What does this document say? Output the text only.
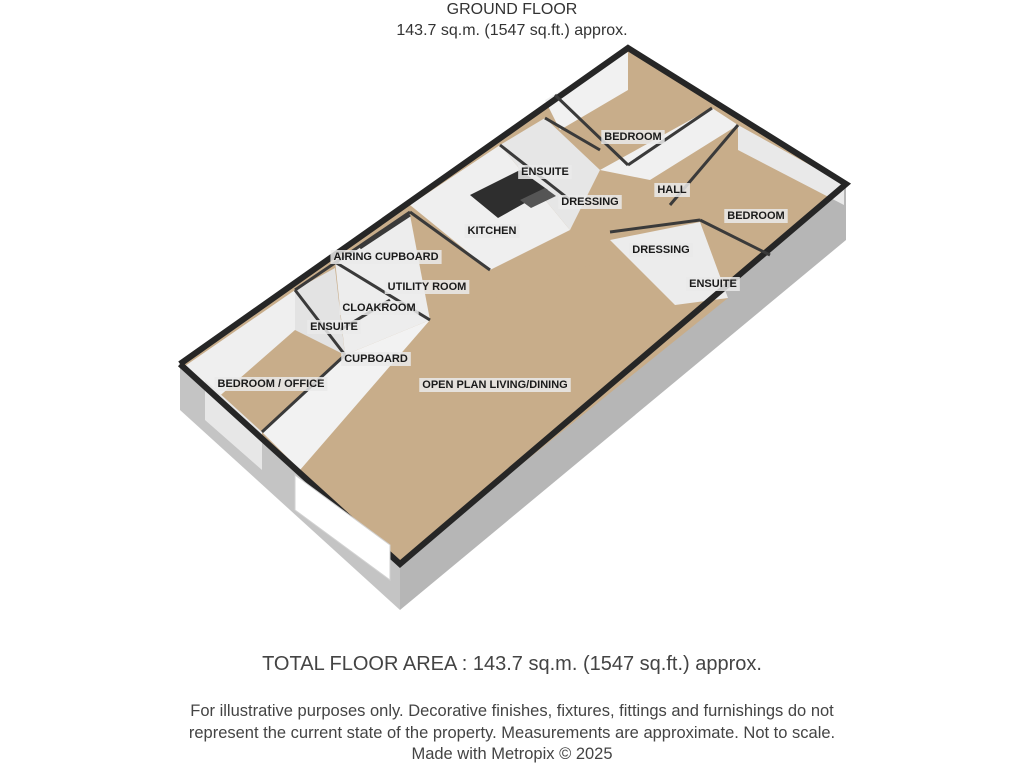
GROUND FLOOR
143.7 sq.m. (1547 sq.ft.) approx.
BEDROOM
ENSUITE
HALL
DRESSING
BEDROOM
KITCHEN
DRESSING
AIRING CUPBOARD
UTILITY ROOM	ENSUITE
CLOAKROOM
ENSUITE
CUPBOARD
BEDROOM / OFFICE	OPEN PLAN LIVING/DINING
TOTAL FLOOR AREA : 143.7 sq.m. (1547 sq.ft.) approx.
For illustrative purposes only. Decorative finishes, fixtures, fittings and furnishings do not
represent the current state of the property. Measurements are approximate. Not to scale.
Made with Metropix © 2025
